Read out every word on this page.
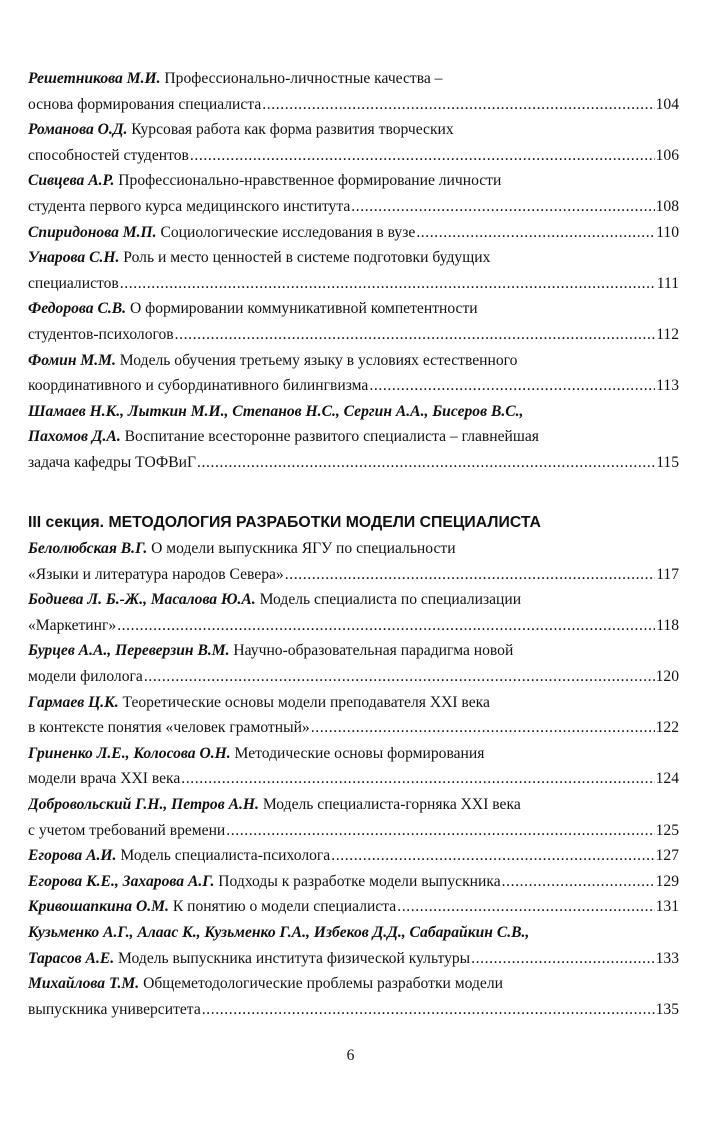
Решетникова М.И. Профессионально-личностные качества –
основа формирования специалиста .....	104
Романова О.Д. Курсовая работа как форма развития творческих
способностей студентов .....	106
Сивцева А.Р. Профессионально-нравственное формирование личности
студента первого курса медицинского института .....	108
Спиридонова М.П. Социологические исследования в вузе .....	110
Унарова С.Н. Роль и место ценностей в системе подготовки будущих
специалистов .....	111
Федорова С.В. О формировании коммуникативной компетентности
студентов-психологов .....	112
Фомин М.М. Модель обучения третьему языку в условиях естественного
координативного и субординативного билингвизма .....	113
Шамаев Н.К., Лыткин М.И., Степанов Н.С., Сергин А.А., Бисеров В.С.,
Пахомов Д.А. Воспитание всесторонне развитого специалиста – главнейшая
задача кафедры ТОФВиГ .....	115
III секция. МЕТОДОЛОГИЯ РАЗРАБОТКИ МОДЕЛИ СПЕЦИАЛИСТА
Белолюбская В.Г. О модели выпускника ЯГУ по специальности
«Языки и литература народов Севера» .....	117
Бодиева Л. Б.-Ж., Масалова Ю.А. Модель специалиста по специализации
«Маркетинг» .....	118
Бурцев А.А., Переверзин В.М. Научно-образовательная парадигма новой
модели филолога .....	120
Гармаев Ц.К. Теоретические основы модели преподавателя XXI века
в контексте понятия «человек грамотный» .....	122
Гриненко Л.Е., Колосова О.Н. Методические основы формирования
модели врача XXI века .....	124
Добровольский Г.Н., Петров А.Н. Модель специалиста-горняка XXI века
с учетом требований времени .....	125
Егорова А.И. Модель специалиста-психолога .....	127
Егорова К.Е., Захарова А.Г. Подходы к разработке модели выпускника .....	129
Кривошапкина О.М. К понятию о модели специалиста .....	131
Кузьменко А.Г., Алаас К., Кузьменко Г.А., Избеков Д.Д., Сабарайкин С.В.,
Тарасов А.Е. Модель выпускника института физической культуры .....	133
Михайлова Т.М. Общеметодологические проблемы разработки модели
выпускника университета .....	135
6
